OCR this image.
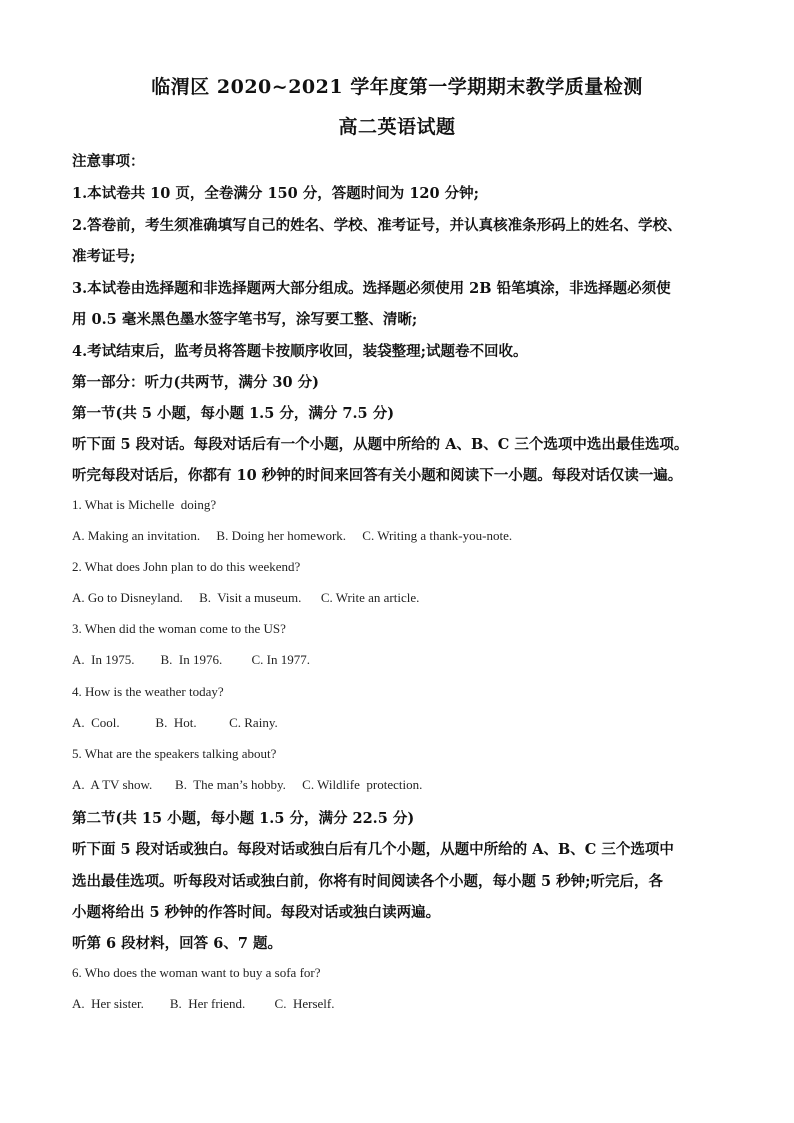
临渭区 2020~2021 学年度第一学期期末教学质量检测
高二英语试题
注意事项：
1.本试卷共 10 页，全卷满分 150 分，答题时间为 120 分钟;
2.答卷前，考生须准确填写自己的姓名、学校、准考证号，并认真核准条形码上的姓名、学校、
准考证号;
3.本试卷由选择题和非选择题两大部分组成。选择题必须使用 2B 铅笔填涂，非选择题必须使
用 0.5 毫米黑色墨水签字笔书写，涂写要工整、清晰;
4.考试结束后，监考员将答题卡按顺序收回，装袋整理;试题卷不回收。
第一部分：听力(共两节，满分 30 分)
第一节(共 5 小题，每小题 1.5 分，满分 7.5 分)
听下面 5 段对话。每段对话后有一个小题，从题中所给的 A、B、C 三个选项中选出最佳选项。
听完每段对话后，你都有 10 秒钟的时间来回答有关小题和阅读下一小题。每段对话仅读一遍。
1. What is Michelle  doing?
A. Making an invitation.     B. Doing her homework.     C. Writing a thank-you-note.
2. What does John plan to do this weekend?
A. Go to Disneyland.     B.  Visit a museum.      C. Write an article.
3. When did the woman come to the US?
A.  In 1975.        B.  In 1976.         C. In 1977.
4. How is the weather today?
A.  Cool.           B.  Hot.          C. Rainy.
5. What are the speakers talking about?
A.  A TV show.       B.  The man’s hobby.     C. Wildlife  protection.
第二节(共 15 小题，每小题 1.5 分，满分 22.5 分)
听下面 5 段对话或独白。每段对话或独白后有几个小题，从题中所给的 A、B、C 三个选项中
选出最佳选项。听每段对话或独白前，你将有时间阅读各个小题，每小题 5 秒钟;听完后，各
小题将给出 5 秒钟的作答时间。每段对话或独白读两遍。
听第 6 段材料，回答 6、7 题。
6. Who does the woman want to buy a sofa for?
A.  Her sister.        B.  Her friend.         C.  Herself.
